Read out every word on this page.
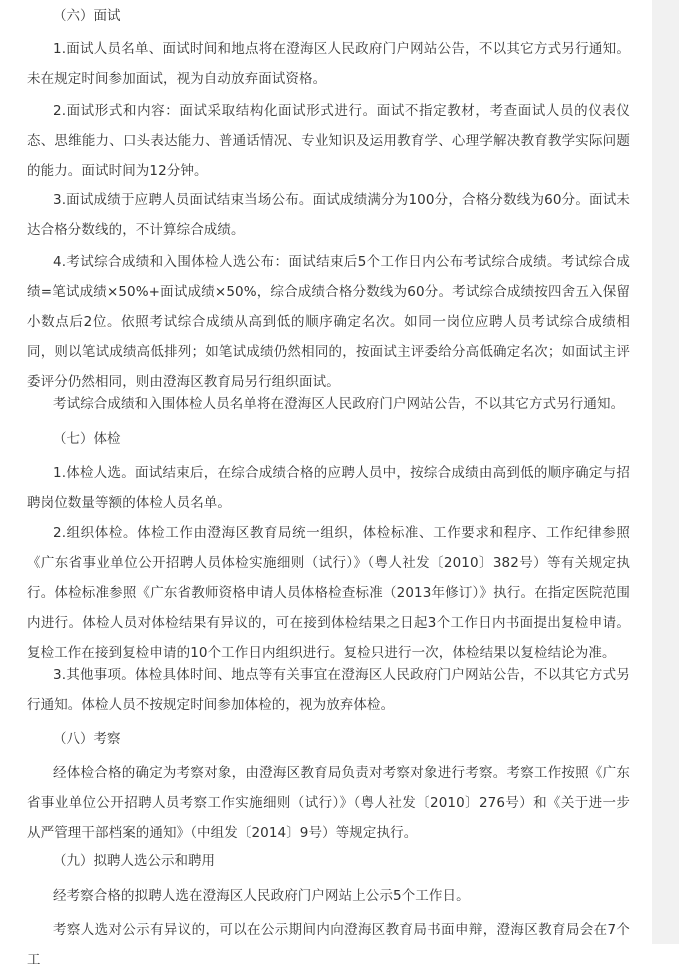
（六）面试

1.面试人员名单、面试时间和地点将在澄海区人民政府门户网站公告，不以其它方式另行通知。未在规定时间参加面试，视为自动放弃面试资格。

2.面试形式和内容：面试采取结构化面试形式进行。面试不指定教材，考查面试人员的仪表仪态、思维能力、口头表达能力、普通话情况、专业知识及运用教育学、心理学解决教育教学实际问题的能力。面试时间为12分钟。

3.面试成绩于应聘人员面试结束当场公布。面试成绩满分为100分，合格分数线为60分。面试未达合格分数线的，不计算综合成绩。

4.考试综合成绩和入围体检人选公布：面试结束后5个工作日内公布考试综合成绩。考试综合成绩=笔试成绩×50%+面试成绩×50%，综合成绩合格分数线为60分。考试综合成绩按四舍五入保留小数点后2位。依照考试综合成绩从高到低的顺序确定名次。如同一岗位应聘人员考试综合成绩相同，则以笔试成绩高低排列；如笔试成绩仍然相同的，按面试主评委给分高低确定名次；如面试主评委评分仍然相同，则由澄海区教育局另行组织面试。

考试综合成绩和入围体检人员名单将在澄海区人民政府门户网站公告，不以其它方式另行通知。

（七）体检

1.体检人选。面试结束后，在综合成绩合格的应聘人员中，按综合成绩由高到低的顺序确定与招聘岗位数量等额的体检人员名单。

2.组织体检。体检工作由澄海区教育局统一组织，体检标准、工作要求和程序、工作纪律参照《广东省事业单位公开招聘人员体检实施细则（试行）》（粤人社发〔2010〕382号）等有关规定执行。体检标准参照《广东省教师资格申请人员体格检查标准（2013年修订）》执行。在指定医院范围内进行。体检人员对体检结果有异议的，可在接到体检结果之日起3个工作日内书面提出复检申请。复检工作在接到复检申请的10个工作日内组织进行。复检只进行一次，体检结果以复检结论为准。

3.其他事项。体检具体时间、地点等有关事宜在澄海区人民政府门户网站公告，不以其它方式另行通知。体检人员不按规定时间参加体检的，视为放弃体检。

（八）考察

经体检合格的确定为考察对象，由澄海区教育局负责对考察对象进行考察。考察工作按照《广东省事业单位公开招聘人员考察工作实施细则（试行）》（粤人社发〔2010〕276号）和《关于进一步从严管理干部档案的通知》（中组发〔2014〕9号）等规定执行。

（九）拟聘人选公示和聘用

经考察合格的拟聘人选在澄海区人民政府门户网站上公示5个工作日。

考察人选对公示有异议的，可以在公示期间内向澄海区教育局书面申辩，澄海区教育局会在7个工
